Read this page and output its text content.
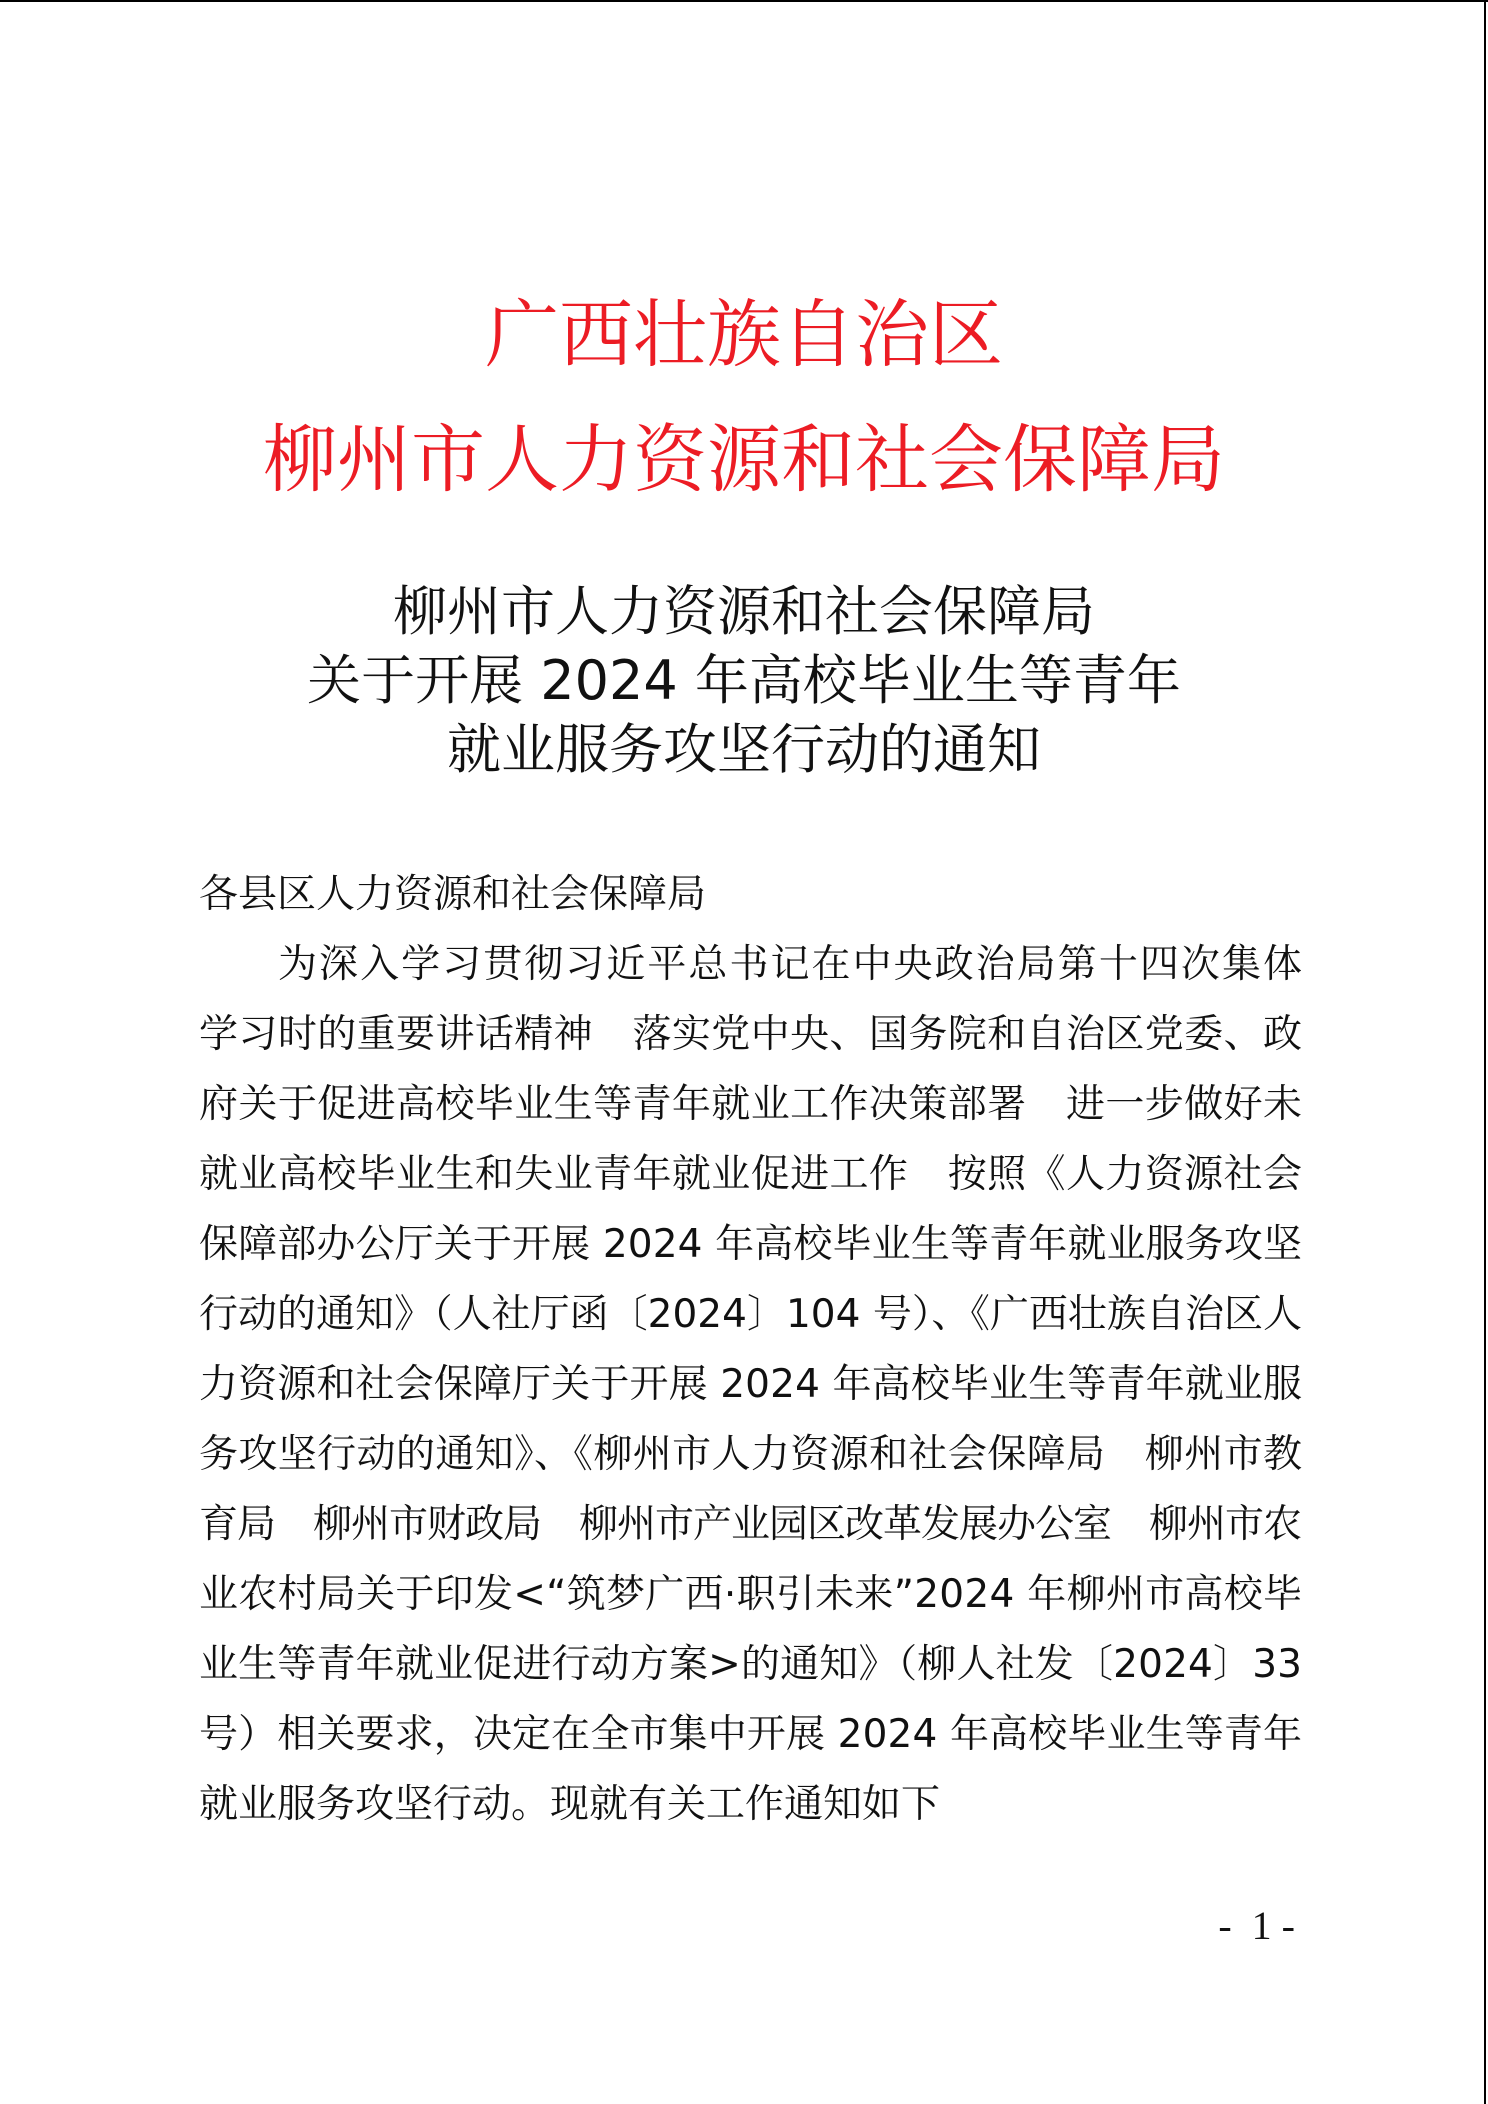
广西壮族自治区
柳州市人力资源和社会保障局
柳州市人力资源和社会保障局
关于开展 2024 年高校毕业生等青年
就业服务攻坚行动的通知
各县区人力资源和社会保障局
为深入学习贯彻习近平总书记在中央政治局第十四次集体
学习时的重要讲话精神　落实党中央、国务院和自治区党委、政
府关于促进高校毕业生等青年就业工作决策部署　进一步做好未
就业高校毕业生和失业青年就业促进工作　按照《人力资源社会
保障部办公厅关于开展 2024 年高校毕业生等青年就业服务攻坚
行动的通知》（人社厅函〔2024〕104 号）、《广西壮族自治区人
力资源和社会保障厅关于开展 2024 年高校毕业生等青年就业服
务攻坚行动的通知》、《柳州市人力资源和社会保障局　柳州市教
育局　柳州市财政局　柳州市产业园区改革发展办公室　柳州市农
业农村局关于印发<“筑梦广西·职引未来”2024 年柳州市高校毕
业生等青年就业促进行动方案>的通知》（柳人社发〔2024〕33
号）相关要求，决定在全市集中开展 2024 年高校毕业生等青年
就业服务攻坚行动。现就有关工作通知如下
-  1 -
